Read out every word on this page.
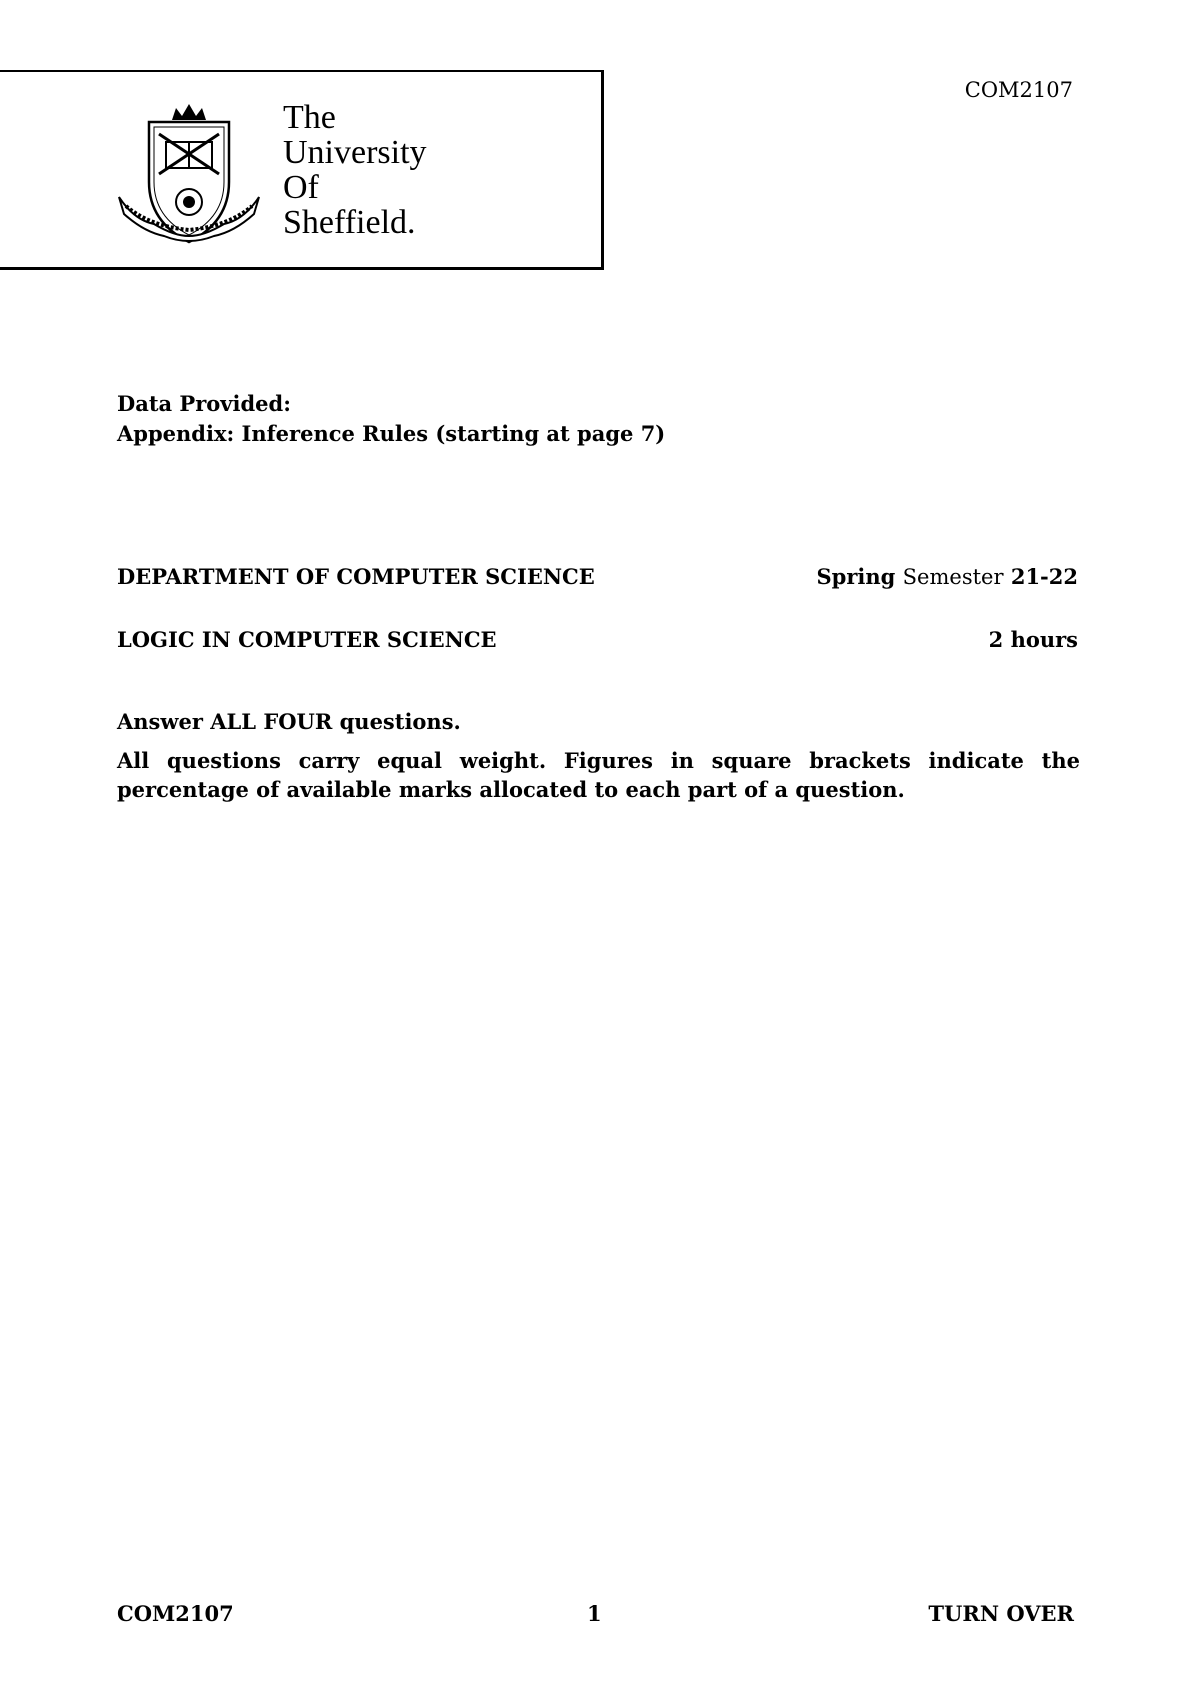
The
University
Of
Sheffield.
COM2107
Data Provided:
Appendix: Inference Rules (starting at page 7)
DEPARTMENT OF COMPUTER SCIENCE	Spring Semester 21-22
LOGIC IN COMPUTER SCIENCE	2 hours
Answer ALL FOUR questions.
All questions carry equal weight. Figures in square brackets indicate the percentage of available marks allocated to each part of a question.
COM2107	1	TURN OVER
